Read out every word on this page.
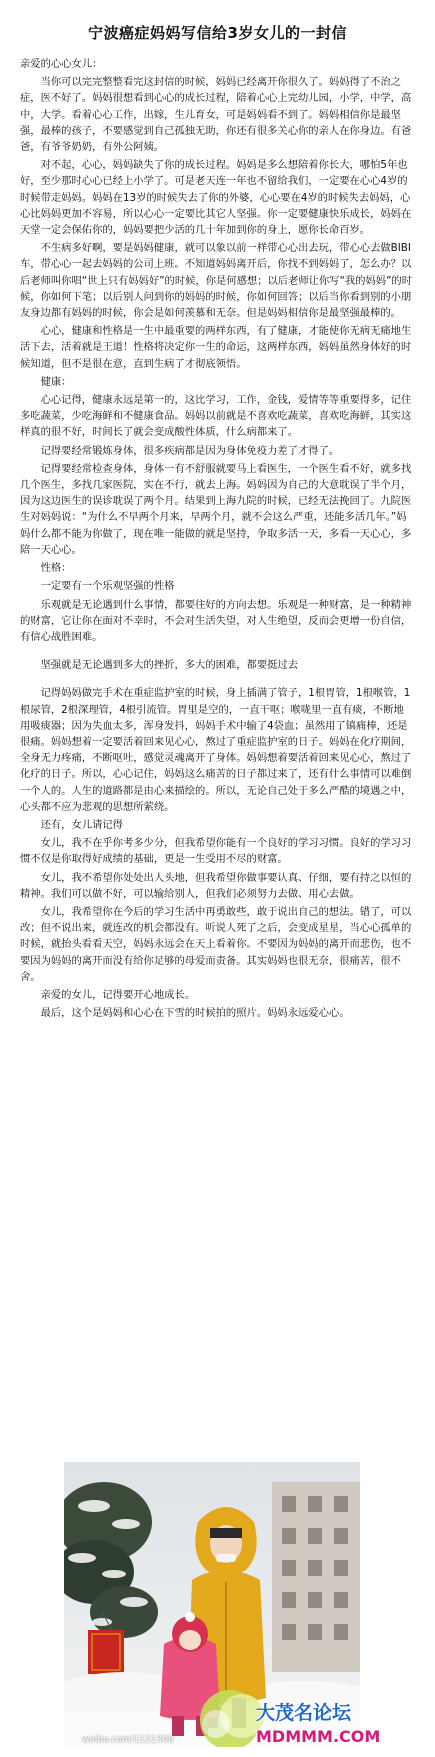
宁波癌症妈妈写信给3岁女儿的一封信

亲爱的心心女儿：

当你可以完完整整看完这封信的时候，妈妈已经离开你很久了。妈妈得了不治之症，医不好了。妈妈很想看到心心的成长过程，陪着心心上完幼儿园，小学，中学，高中，大学。看着心心工作，出嫁，生儿育女，可是妈妈看不到了。妈妈相信你是最坚强，最棒的孩子，不要感觉到自己孤独无助，你还有很多关心你的亲人在你身边。有爸爸，有爷爷奶奶，有外公阿姨。

对不起，心心，妈妈缺失了你的成长过程。妈妈是多么想陪着你长大，哪怕5年也好，至少那时心心已经上小学了。可是老天连一年也不留给我们，一定要在心心4岁的时候带走妈妈。妈妈在13岁的时候失去了你的外婆，心心要在4岁的时候失去妈妈，心心比妈妈更加不容易，所以心心一定要比其它人坚强。你一定要健康快乐成长，妈妈在天堂一定会保佑你的，妈妈要把少活的几十年加到你的身上，愿你长命百岁。

不生病多好啊，要是妈妈健康，就可以象以前一样带心心出去玩，带心心去做BIBI车，带心心一起去妈妈的公司上班。不知道妈妈离开后，你找不到妈妈了，怎么办？以后老师叫你唱“世上只有妈妈好”的时候，你是何感想；以后老师让你写“我的妈妈”的时候，你如何下笔；以后别人问到你的妈妈的时候，你如何回答；以后当你看到别的小朋友身边都有妈妈的时候，你会是如何羡慕和无奈。但是妈妈相信你是最坚强最棒的。

心心，健康和性格是一生中最重要的两样东西，有了健康，才能使你无病无痛地生活下去，活着就是王道！性格将决定你一生的命运，这两样东西，妈妈虽然身体好的时候知道，但不是很在意，直到生病了才彻底领悟。

健康：

心心记得，健康永远是第一的，这比学习，工作，金钱，爱情等等重要得多，记住多吃蔬菜，少吃海鲜和不健康食品。妈妈以前就是不喜欢吃蔬菜，喜欢吃海鲜，其实这样真的很不好，时间长了就会变成酸性体质，什么病都来了。

记得要经常锻炼身体，很多疾病都是因为身体免疫力差了才得了。

记得要经常检查身体，身体一有不舒服就要马上看医生，一个医生看不好，就多找几个医生，多找几家医院，实在不行，就去上海。妈妈因为自己的大意耽误了半个月，因为这边医生的误诊耽误了两个月。结果到上海九院的时候，已经无法挽回了。九院医生对妈妈说：“为什么不早两个月来，早两个月，就不会这么严重，还能多活几年。”妈妈什么都不能为你做了，现在唯一能做的就是坚持，争取多活一天，多看一天心心，多陪一天心心。

性格：

一定要有一个乐观坚强的性格

乐观就是无论遇到什么事情，都要往好的方向去想。乐观是一种财富，是一种精神的财富，它让你在面对不幸时，不会对生活失望，对人生绝望，反而会更增一份自信，有信心战胜困难。

坚强就是无论遇到多大的挫折，多大的困难，都要挺过去

记得妈妈做完手术在重症监护室的时候，身上插满了管子，1根胃管，1根喉管，1根尿管，2根深理管，4根引流管。胃里是空的，一直干呕；喉咙里一直有痰，不断地用吸痰器；因为失血太多，浑身发抖，妈妈手术中输了4袋血；虽然用了镇痛棒，还是很痛。妈妈想着一定要活着回来见心心，熬过了重症监护室的日子。妈妈在化疗期间，全身无力疼痛，不断呕吐，感觉灵魂离开了身体。妈妈想着要活着回来见心心，熬过了化疗的日子。所以，心心记住，妈妈这么痛苦的日子都过来了，还有什么事情可以难倒一个人的。人生的道路都是由心来描绘的。所以，无论自己处于多么严酷的境遇之中，心头都不应为悲观的思想所萦绕。

还有，女儿请记得

女儿，我不在乎你考多少分，但我希望你能有一个良好的学习习惯。良好的学习习惯不仅是你取得好成绩的基础，更是一生受用不尽的财富。

女儿，我不希望你处处出人头地，但我希望你做事要认真、仔细，要有持之以恒的精神。我们可以做不好，可以输给别人，但我们必须努力去做、用心去做。

女儿，我希望你在今后的学习生活中再勇敢些，敢于说出自己的想法。错了，可以改；但不说出来，就连改的机会都没有。听说人死了之后，会变成星星，当心心孤单的时候，就抬头看看天空，妈妈永远会在天上看着你。不要因为妈妈的离开而悲伤，也不要因为妈妈的离开而没有给你足够的母爱而责备。其实妈妈也很无奈，很痛苦，很不舍。

亲爱的女儿，记得要开心地成长。

最后，这个是妈妈和心心在下雪的时候拍的照片。妈妈永远爱心心。

weibo.com/1121308
大茂名论坛
MDMMM.COM
